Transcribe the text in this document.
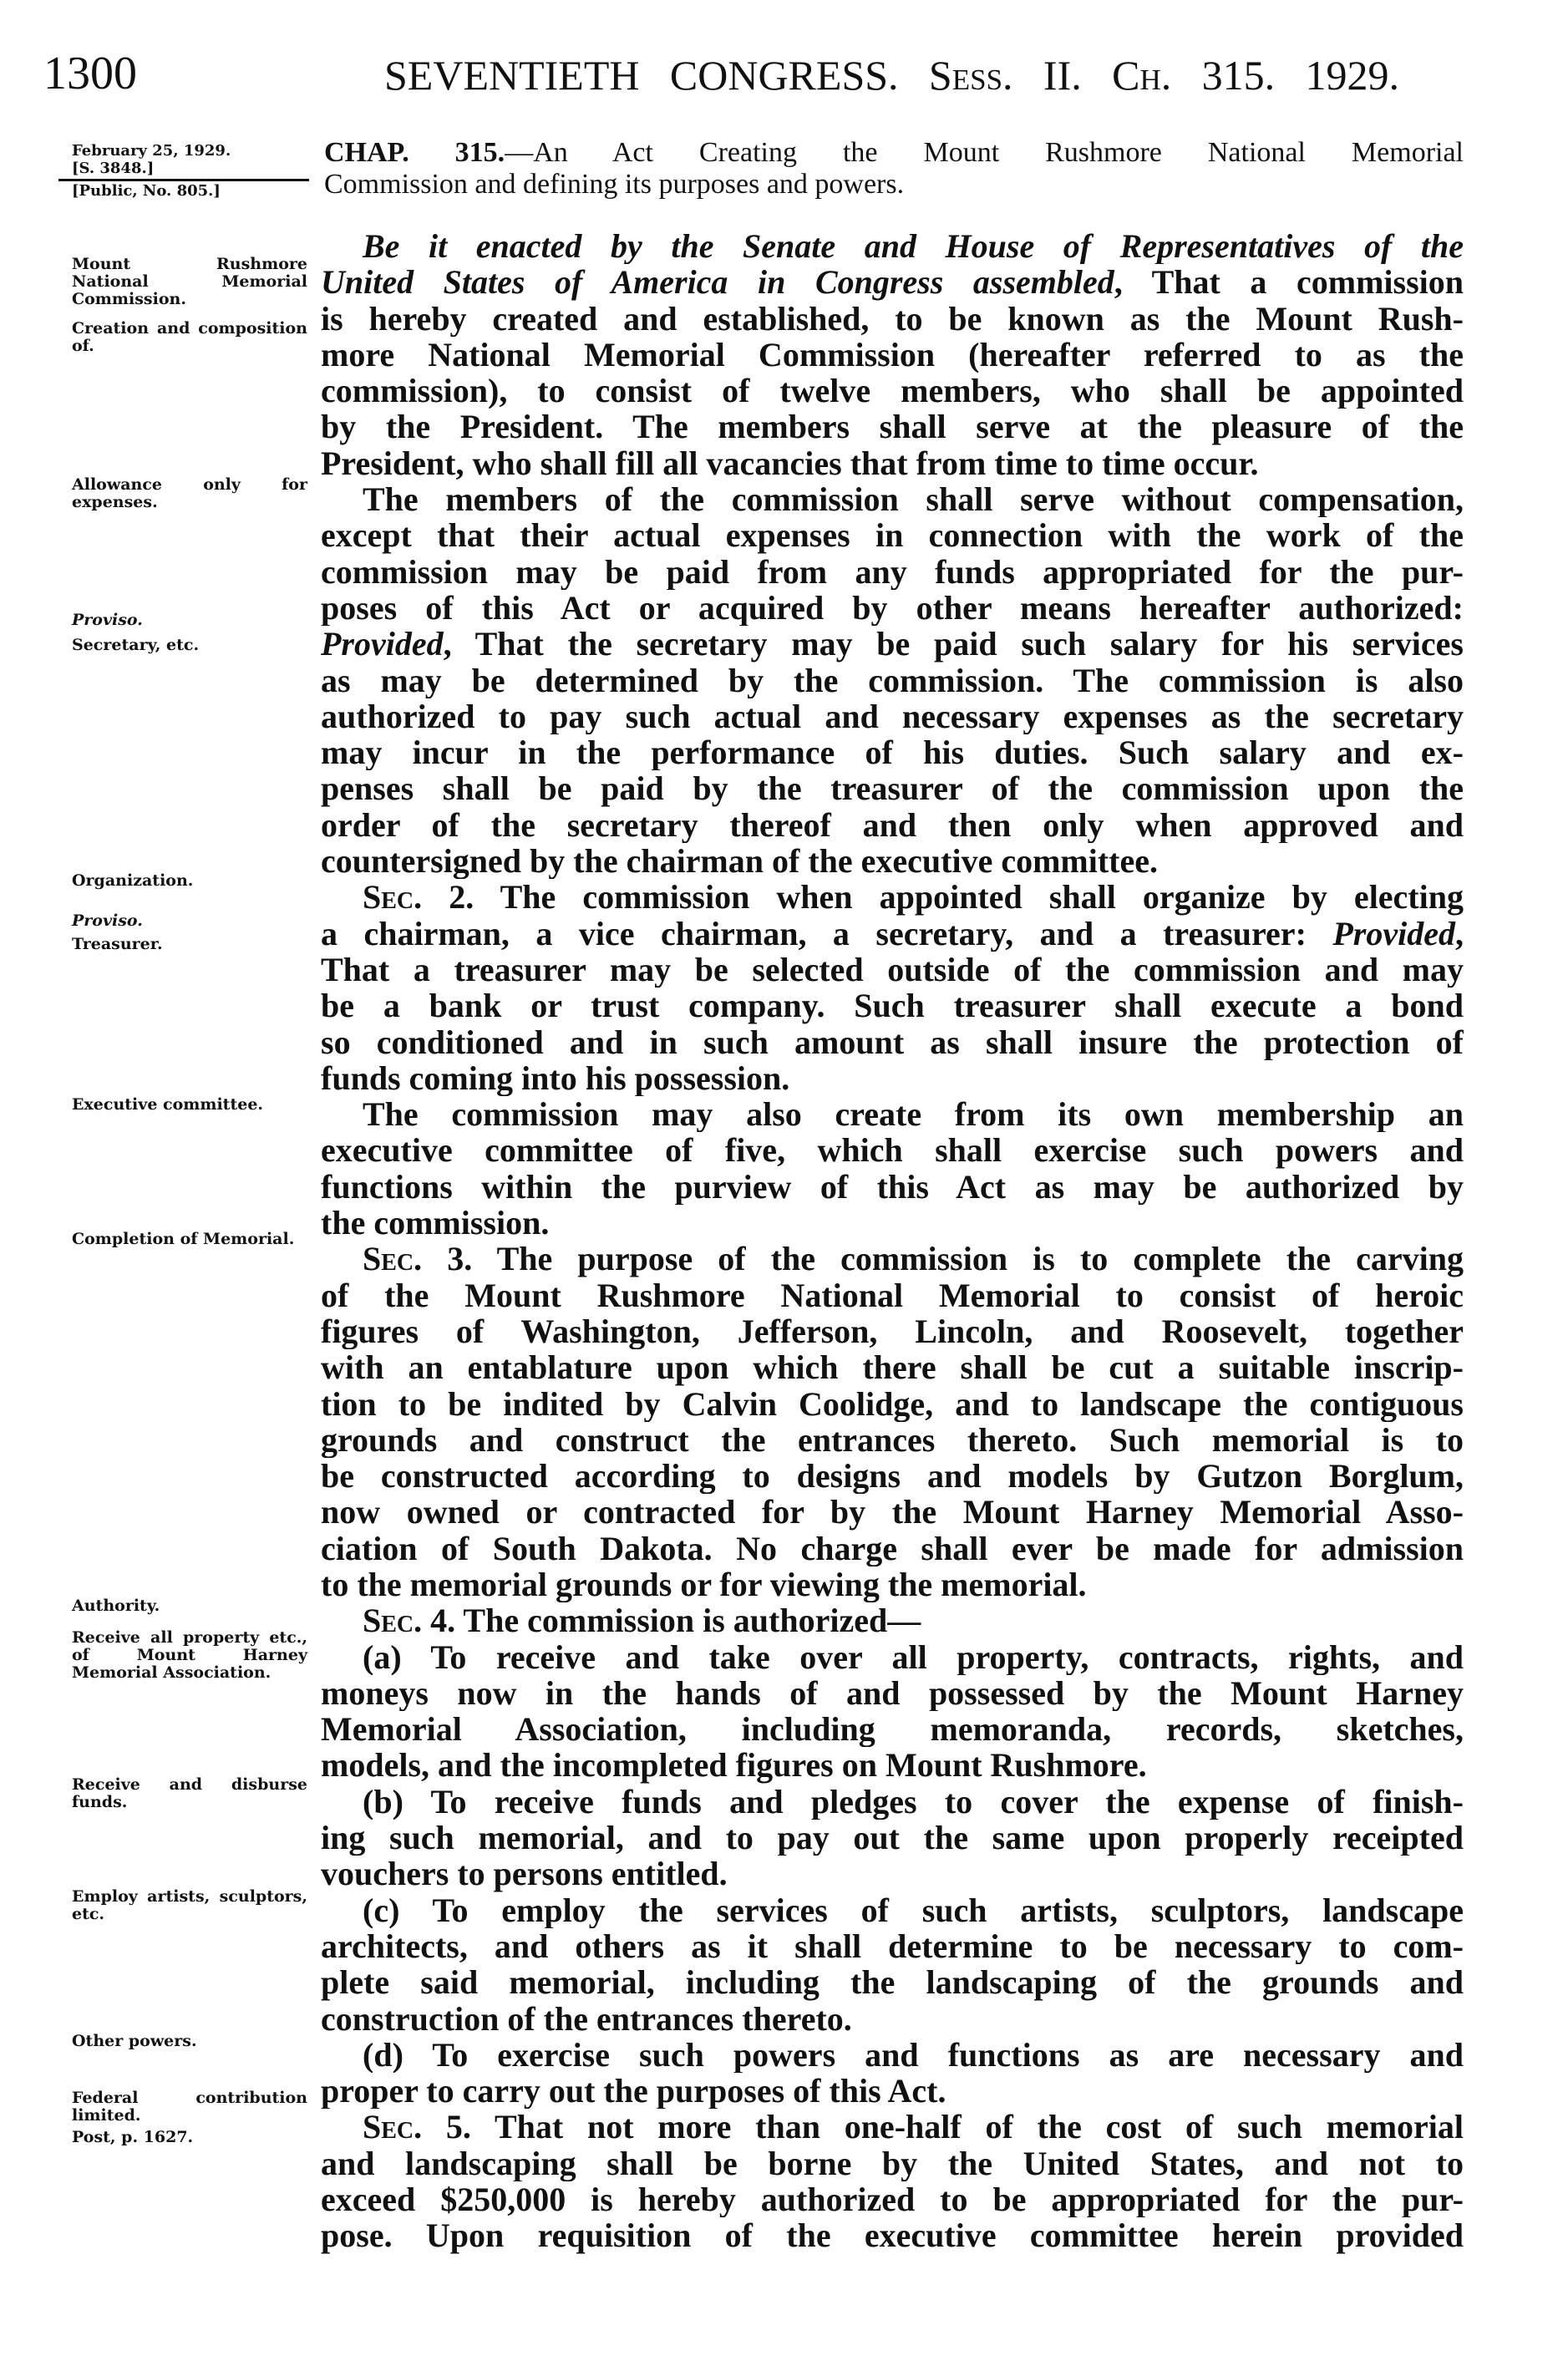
1300	SEVENTIETH CONGRESS. Sess. II. Ch. 315. 1929.
February 25, 1929.
[S. 3848.]
[Public, No. 805.]
CHAP. 315.—An Act Creating the Mount Rushmore National Memorial
Commission and defining its purposes and powers.
Mount Rushmore National Memorial Commission.
Creation and composition of.
Allowance only for expenses.
Proviso.
Secretary, etc.
Organization.
Proviso.
Treasurer.
Executive committee.
Completion of Memorial.
Authority.
Receive all property etc., of Mount Harney Memorial Association.
Receive and disburse funds.
Employ artists, sculptors, etc.
Other powers.
Federal contribution limited.
Post, p. 1627.
Be it enacted by the Senate and House of Representatives of the
United States of America in Congress assembled, That a commission
is hereby created and established, to be known as the Mount Rush-
more National Memorial Commission (hereafter referred to as the
commission), to consist of twelve members, who shall be appointed
by the President. The members shall serve at the pleasure of the
President, who shall fill all vacancies that from time to time occur.
The members of the commission shall serve without compensation,
except that their actual expenses in connection with the work of the
commission may be paid from any funds appropriated for the pur-
poses of this Act or acquired by other means hereafter authorized:
Provided, That the secretary may be paid such salary for his services
as may be determined by the commission. The commission is also
authorized to pay such actual and necessary expenses as the secretary
may incur in the performance of his duties. Such salary and ex-
penses shall be paid by the treasurer of the commission upon the
order of the secretary thereof and then only when approved and
countersigned by the chairman of the executive committee.
Sec. 2. The commission when appointed shall organize by electing
a chairman, a vice chairman, a secretary, and a treasurer: Provided,
That a treasurer may be selected outside of the commission and may
be a bank or trust company. Such treasurer shall execute a bond
so conditioned and in such amount as shall insure the protection of
funds coming into his possession.
The commission may also create from its own membership an
executive committee of five, which shall exercise such powers and
functions within the purview of this Act as may be authorized by
the commission.
Sec. 3. The purpose of the commission is to complete the carving
of the Mount Rushmore National Memorial to consist of heroic
figures of Washington, Jefferson, Lincoln, and Roosevelt, together
with an entablature upon which there shall be cut a suitable inscrip-
tion to be indited by Calvin Coolidge, and to landscape the contiguous
grounds and construct the entrances thereto. Such memorial is to
be constructed according to designs and models by Gutzon Borglum,
now owned or contracted for by the Mount Harney Memorial Asso-
ciation of South Dakota. No charge shall ever be made for admission
to the memorial grounds or for viewing the memorial.
Sec. 4. The commission is authorized—
(a) To receive and take over all property, contracts, rights, and
moneys now in the hands of and possessed by the Mount Harney
Memorial Association, including memoranda, records, sketches,
models, and the incompleted figures on Mount Rushmore.
(b) To receive funds and pledges to cover the expense of finish-
ing such memorial, and to pay out the same upon properly receipted
vouchers to persons entitled.
(c) To employ the services of such artists, sculptors, landscape
architects, and others as it shall determine to be necessary to com-
plete said memorial, including the landscaping of the grounds and
construction of the entrances thereto.
(d) To exercise such powers and functions as are necessary and
proper to carry out the purposes of this Act.
Sec. 5. That not more than one-half of the cost of such memorial
and landscaping shall be borne by the United States, and not to
exceed $250,000 is hereby authorized to be appropriated for the pur-
pose. Upon requisition of the executive committee herein provided
